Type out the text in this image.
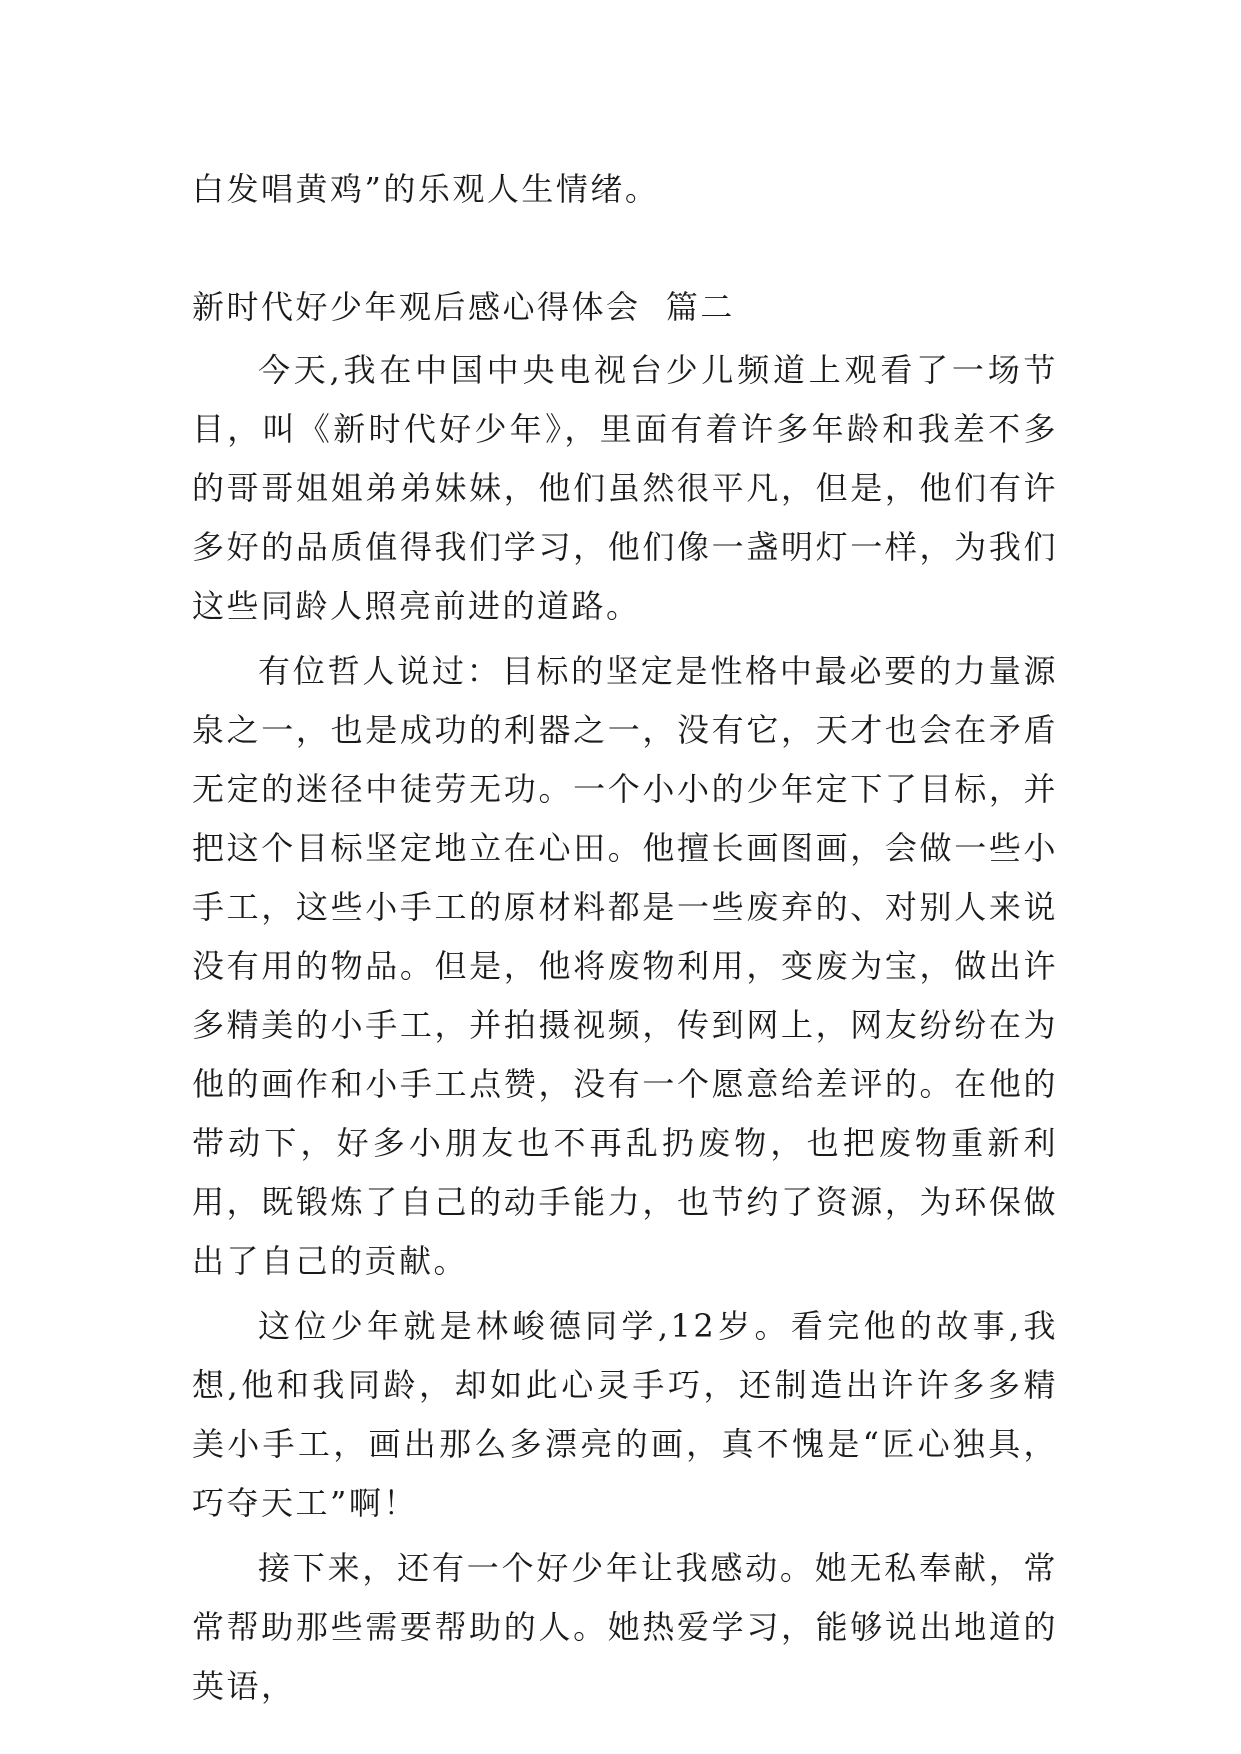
白发唱黄鸡”的乐观人生情绪。

新时代好少年观后感心得体会  篇二

今天,我在中国中央电视台少儿频道上观看了一场节目，叫《新时代好少年》，里面有着许多年龄和我差不多的哥哥姐姐弟弟妹妹，他们虽然很平凡，但是，他们有许多好的品质值得我们学习，他们像一盏明灯一样，为我们这些同龄人照亮前进的道路。

有位哲人说过：目标的坚定是性格中最必要的力量源泉之一，也是成功的利器之一，没有它，天才也会在矛盾无定的迷径中徒劳无功。一个小小的少年定下了目标，并把这个目标坚定地立在心田。他擅长画图画，会做一些小手工，这些小手工的原材料都是一些废弃的、对别人来说没有用的物品。但是，他将废物利用，变废为宝，做出许多精美的小手工，并拍摄视频，传到网上，网友纷纷在为他的画作和小手工点赞，没有一个愿意给差评的。在他的带动下，好多小朋友也不再乱扔废物，也把废物重新利用，既锻炼了自己的动手能力，也节约了资源，为环保做出了自己的贡献。

这位少年就是林峻德同学,12岁。看完他的故事,我想,他和我同龄，却如此心灵手巧，还制造出许许多多精美小手工，画出那么多漂亮的画，真不愧是“匠心独具，巧夺天工”啊！

接下来，还有一个好少年让我感动。她无私奉献，常常帮助那些需要帮助的人。她热爱学习，能够说出地道的英语，
